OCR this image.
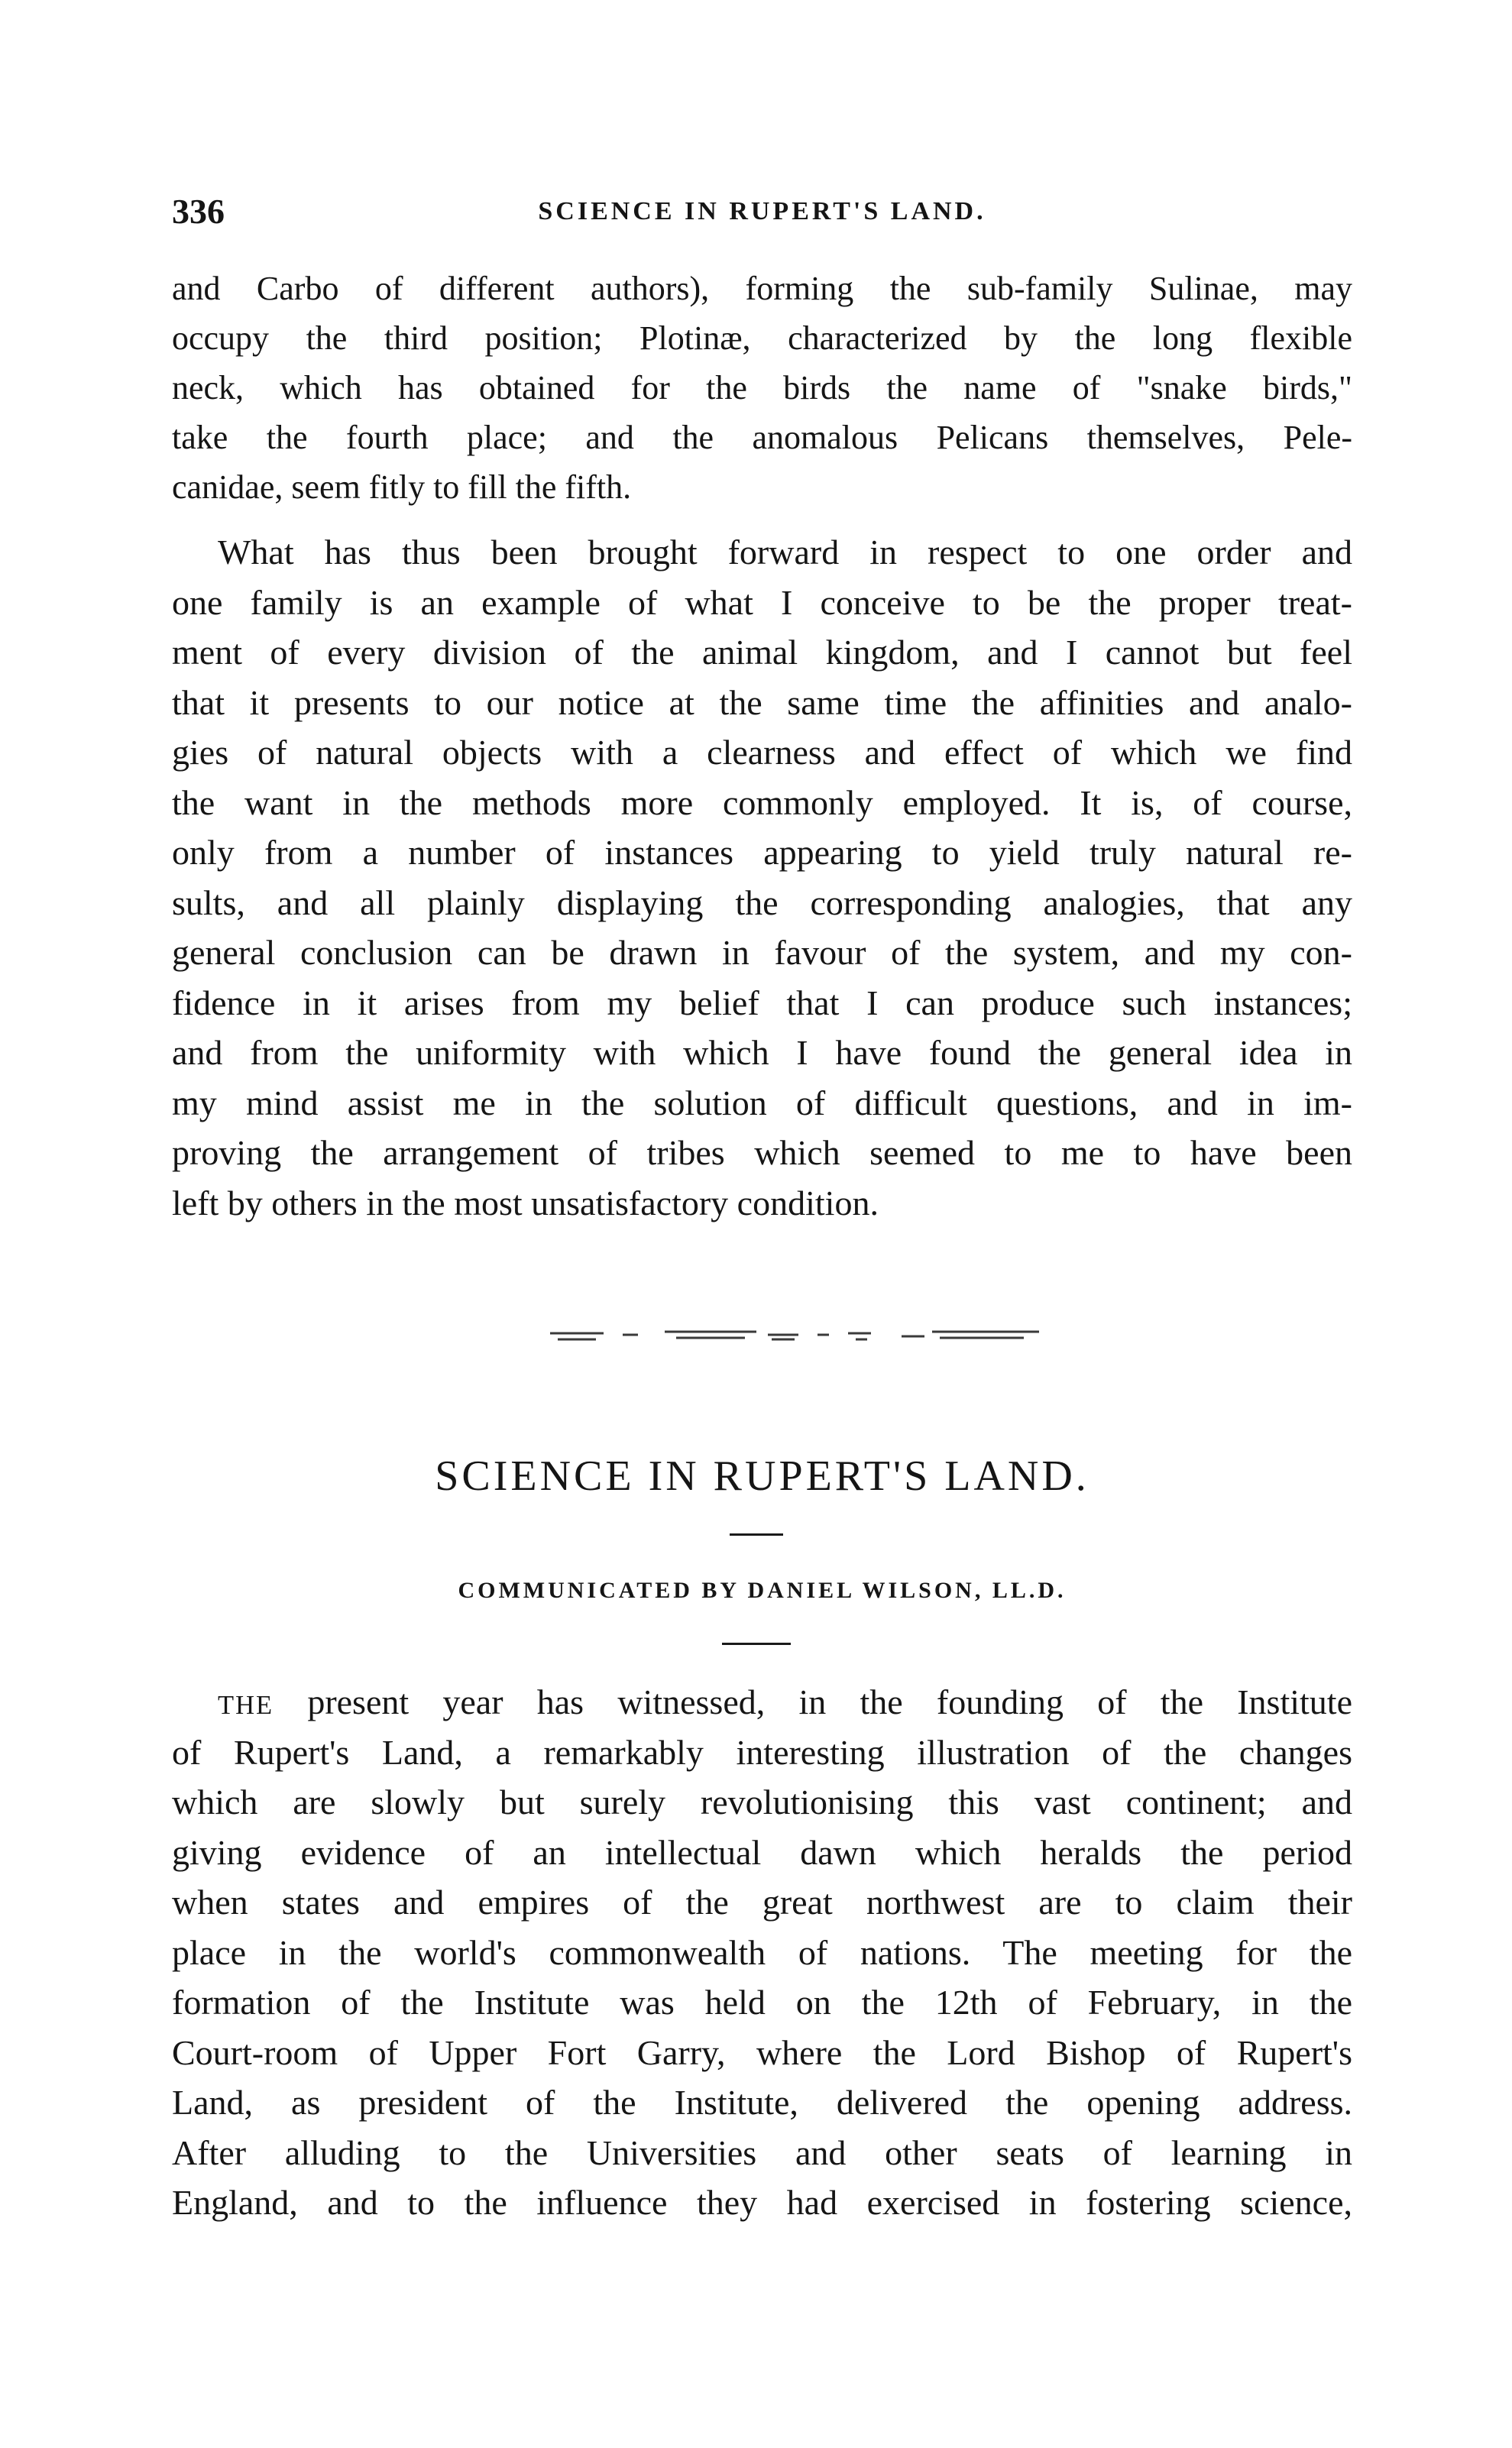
336	SCIENCE IN RUPERT'S LAND.
and Carbo of different authors), forming the sub-family Sulinae, may
occupy the third position; Plotinæ, characterized by the long flexible
neck, which has obtained for the birds the name of "snake birds,"
take the fourth place; and the anomalous Pelicans themselves, Pele-
canidae, seem fitly to fill the fifth.
What has thus been brought forward in respect to one order and
one family is an example of what I conceive to be the proper treat-
ment of every division of the animal kingdom, and I cannot but feel
that it presents to our notice at the same time the affinities and analo-
gies of natural objects with a clearness and effect of which we find
the want in the methods more commonly employed. It is, of course,
only from a number of instances appearing to yield truly natural re-
sults, and all plainly displaying the corresponding analogies, that any
general conclusion can be drawn in favour of the system, and my con-
fidence in it arises from my belief that I can produce such instances;
and from the uniformity with which I have found the general idea in
my mind assist me in the solution of difficult questions, and in im-
proving the arrangement of tribes which seemed to me to have been
left by others in the most unsatisfactory condition.
SCIENCE IN RUPERT'S LAND.
COMMUNICATED BY DANIEL WILSON, LL.D.
THE present year has witnessed, in the founding of the Institute
of Rupert's Land, a remarkably interesting illustration of the changes
which are slowly but surely revolutionising this vast continent; and
giving evidence of an intellectual dawn which heralds the period
when states and empires of the great northwest are to claim their
place in the world's commonwealth of nations. The meeting for the
formation of the Institute was held on the 12th of February, in the
Court-room of Upper Fort Garry, where the Lord Bishop of Rupert's
Land, as president of the Institute, delivered the opening address.
After alluding to the Universities and other seats of learning in
England, and to the influence they had exercised in fostering science,
